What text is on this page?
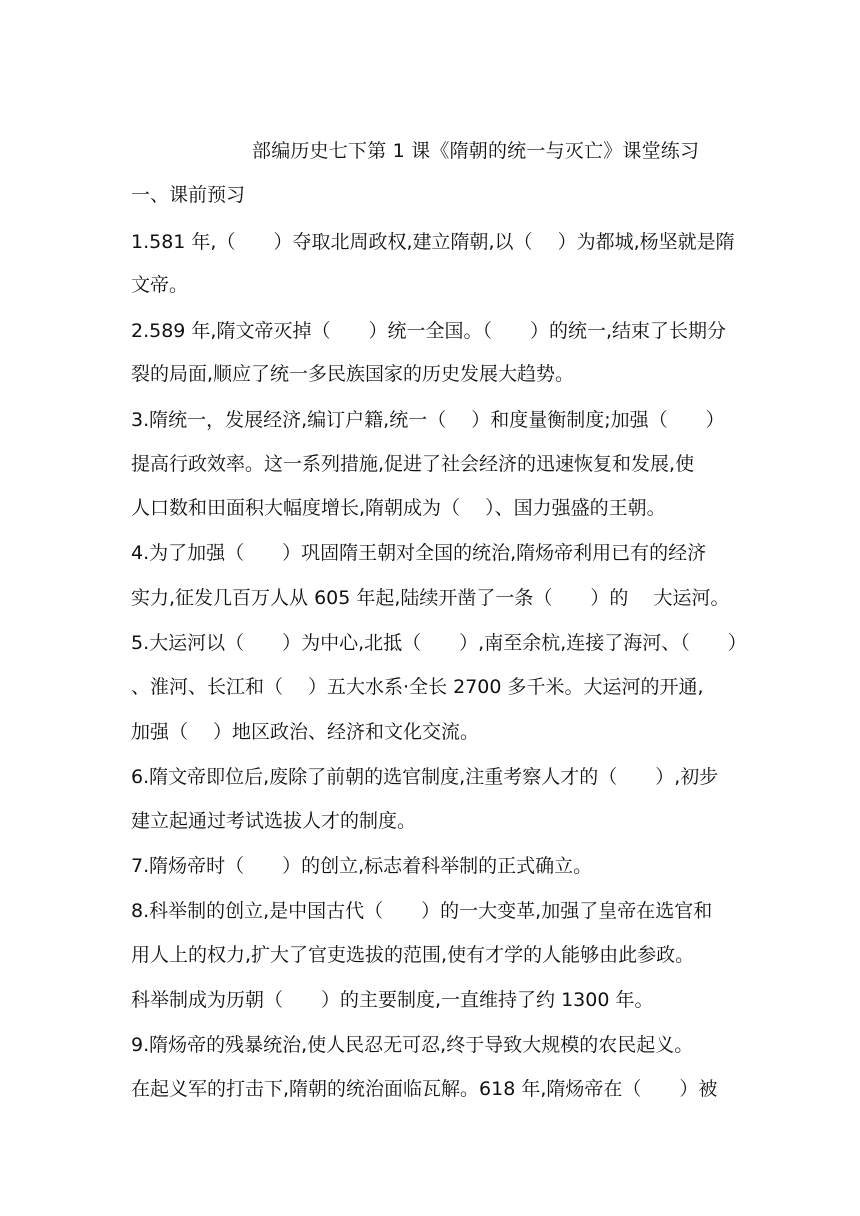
部编历史七下第 1 课《隋朝的统一与灭亡》课堂练习
一、课前预习
1.581 年,（　　）夺取北周政权,建立隋朝,以（　 ）为都城,杨坚就是隋
文帝。
2.589 年,隋文帝灭掉（　　）统一全国。（　　）的统一,结束了长期分
裂的局面,顺应了统一多民族国家的历史发展大趋势。
3.隋统一，发展经济,编订户籍,统一（　 ）和度量衡制度;加强（　　）
提高行政效率。这一系列措施,促进了社会经济的迅速恢复和发展,使
人口数和田面积大幅度增长,隋朝成为（　 ）、国力强盛的王朝。
4.为了加强（　　）巩固隋王朝对全国的统治,隋炀帝利用已有的经济
实力,征发几百万人从 605 年起,陆续开凿了一条（　　）的　 大运河。
5.大运河以（　　）为中心,北抵（　　）,南至余杭,连接了海河、（　　）
、淮河、长江和（　 ）五大水系·全长 2700 多千米。大运河的开通,
加强（　 ）地区政治、经济和文化交流。
6.隋文帝即位后,废除了前朝的选官制度,注重考察人才的（　　）,初步
建立起通过考试选拔人才的制度。
7.隋炀帝时（　　）的创立,标志着科举制的正式确立。
8.科举制的创立,是中国古代（　　）的一大变革,加强了皇帝在选官和
用人上的权力,扩大了官吏选拔的范围,使有才学的人能够由此参政。
科举制成为历朝（　　）的主要制度,一直维持了约 1300 年。
9.隋炀帝的残暴统治,使人民忍无可忍,终于导致大规模的农民起义。
在起义军的打击下,隋朝的统治面临瓦解。618 年,隋炀帝在（　　）被
